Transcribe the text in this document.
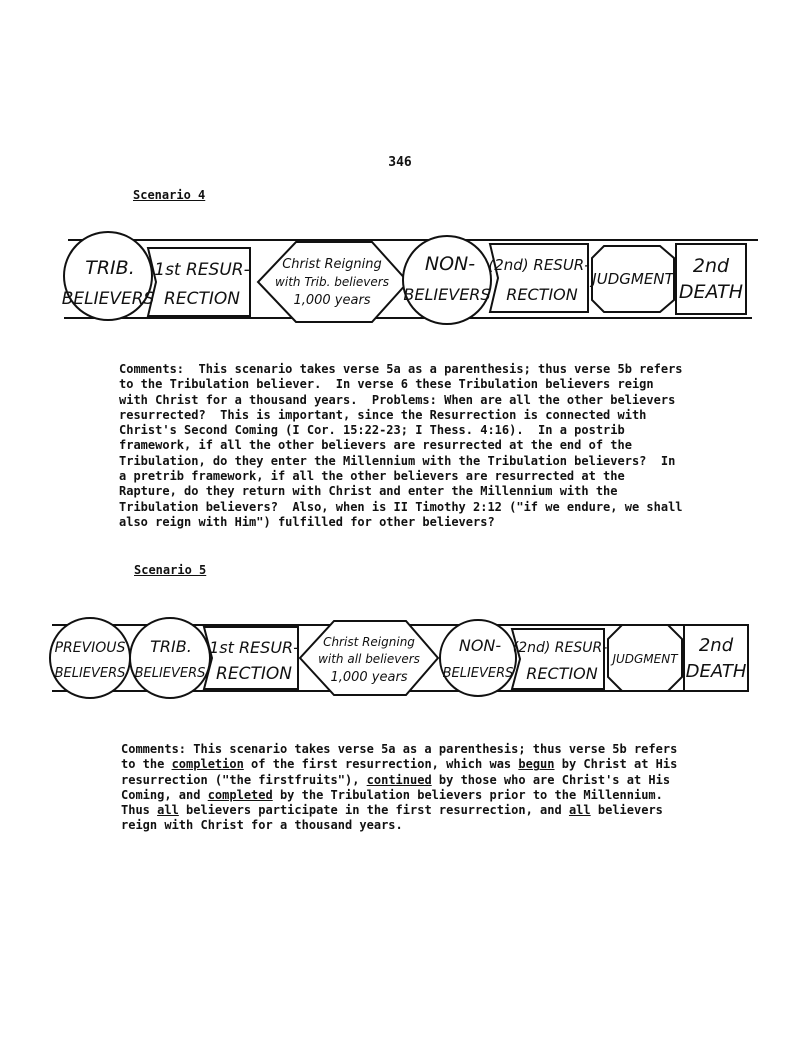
346
Scenario 4
TRIB.
BELIEVERS
1st RESUR-
RECTION
Christ Reigning
with Trib. believers
1,000 years
NON-
BELIEVERS
(2nd) RESUR-
RECTION
JUDGMENT
2nd
DEATH
Comments:  This scenario takes verse 5a as a parenthesis; thus verse 5b refers
to the Tribulation believer.  In verse 6 these Tribulation believers reign
with Christ for a thousand years.  Problems: When are all the other believers
resurrected?  This is important, since the Resurrection is connected with
Christ's Second Coming (I Cor. 15:22-23; I Thess. 4:16).  In a postrib
framework, if all the other believers are resurrected at the end of the
Tribulation, do they enter the Millennium with the Tribulation believers?  In
a pretrib framework, if all the other believers are resurrected at the
Rapture, do they return with Christ and enter the Millennium with the
Tribulation believers?  Also, when is II Timothy 2:12 ("if we endure, we shall
also reign with Him") fulfilled for other believers?
Scenario 5
PREVIOUS
BELIEVERS
TRIB.
BELIEVERS
1st RESUR-
RECTION
Christ Reigning
with all believers
1,000 years
NON-
BELIEVERS
(2nd) RESUR-
RECTION
JUDGMENT
2nd
DEATH
Comments: This scenario takes verse 5a as a parenthesis; thus verse 5b refers
to the completion of the first resurrection, which was begun by Christ at His
resurrection ("the firstfruits"), continued by those who are Christ's at His
Coming, and completed by the Tribulation believers prior to the Millennium.
Thus all believers participate in the first resurrection, and all believers
reign with Christ for a thousand years.
